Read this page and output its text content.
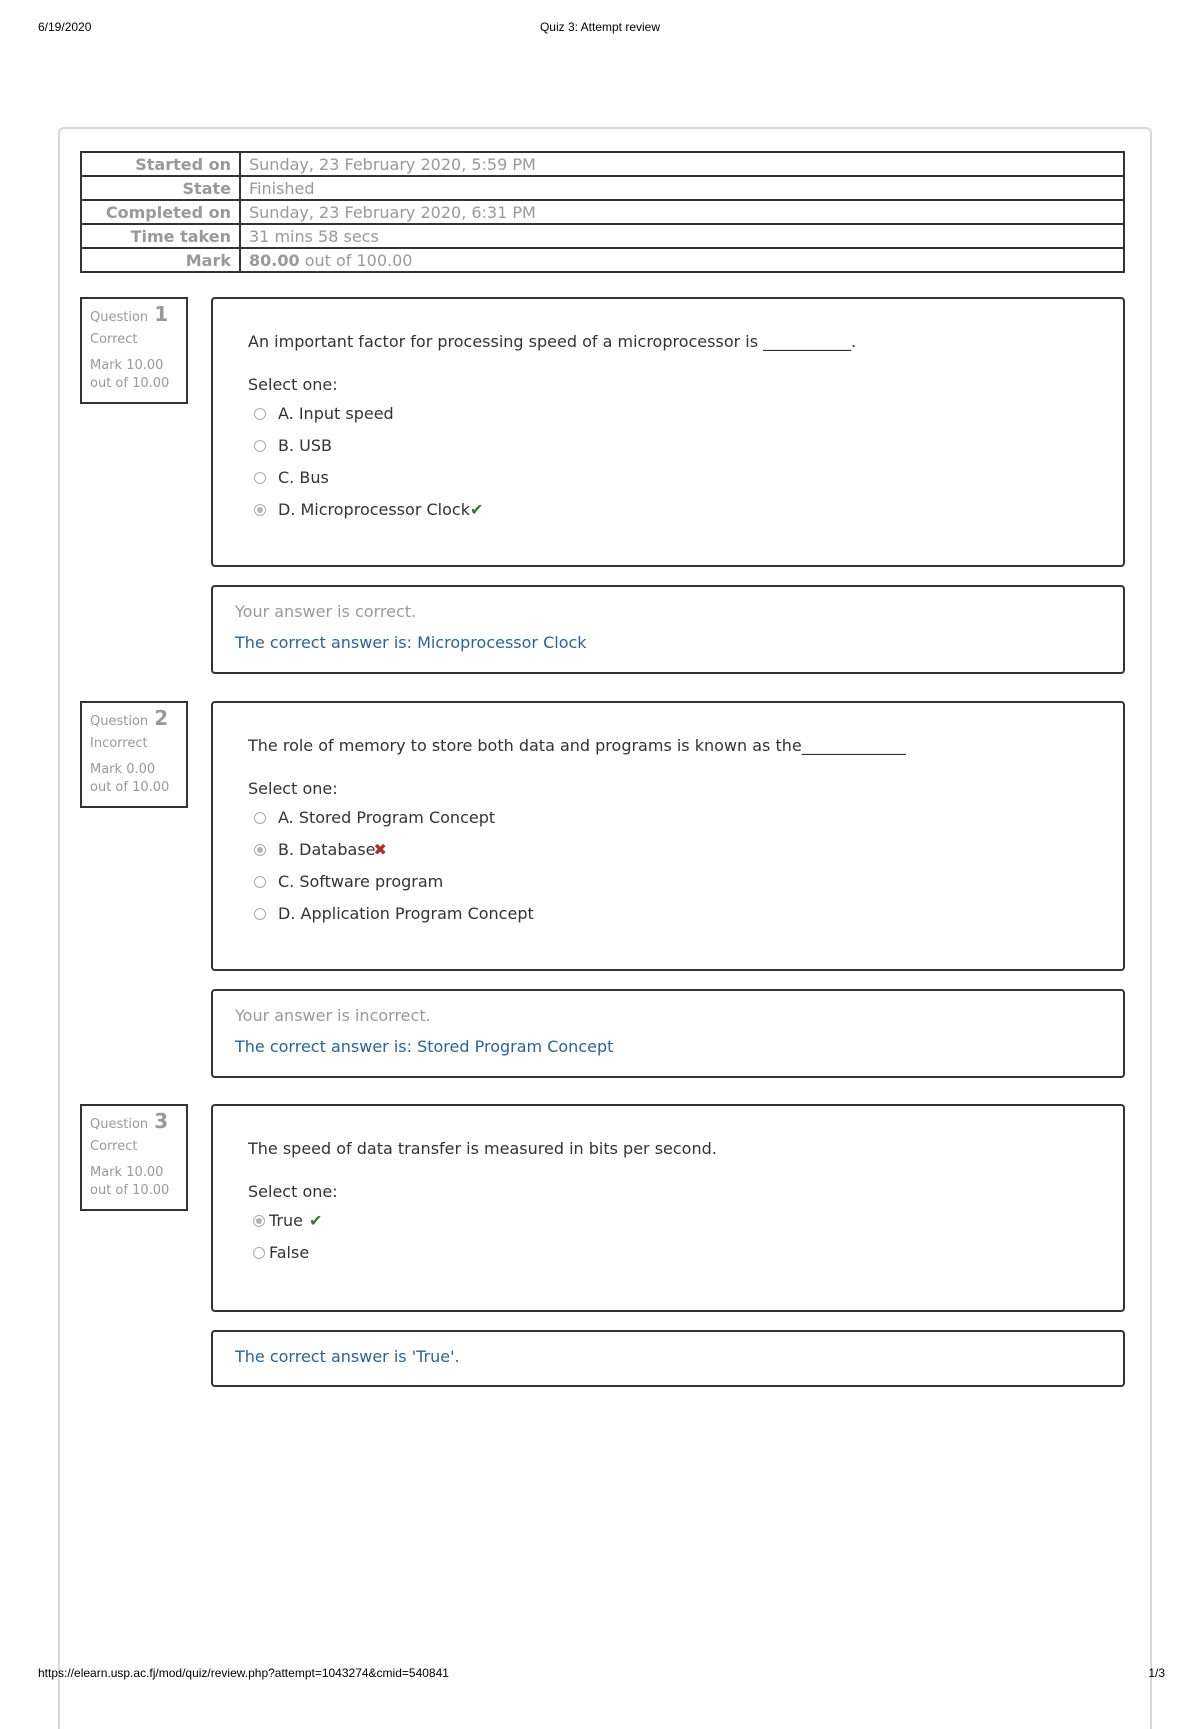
6/19/2020	Quiz 3: Attempt review
Started on	Sunday, 23 February 2020, 5:59 PM
State	Finished
Completed on	Sunday, 23 February 2020, 6:31 PM
Time taken	31 mins 58 secs
Mark	80.00 out of 100.00
Question 1
Correct
Mark 10.00 out of 10.00
An important factor for processing speed of a microprocessor is ___________.
Select one:
A. Input speed
B. USB
C. Bus
D. Microprocessor Clock ✔
Your answer is correct.
The correct answer is: Microprocessor Clock
Question 2
Incorrect
Mark 0.00 out of 10.00
The role of memory to store both data and programs is known as the_____________
Select one:
A. Stored Program Concept
B. Database
✖
C. Software program
D. Application Program Concept
Your answer is incorrect.
The correct answer is: Stored Program Concept
Question 3
Correct
Mark 10.00 out of 10.00
The speed of data transfer is measured in bits per second.
Select one:
True ✔
False
The correct answer is 'True'.
https://elearn.usp.ac.fj/mod/quiz/review.php?attempt=1043274&cmid=540841	1/3
